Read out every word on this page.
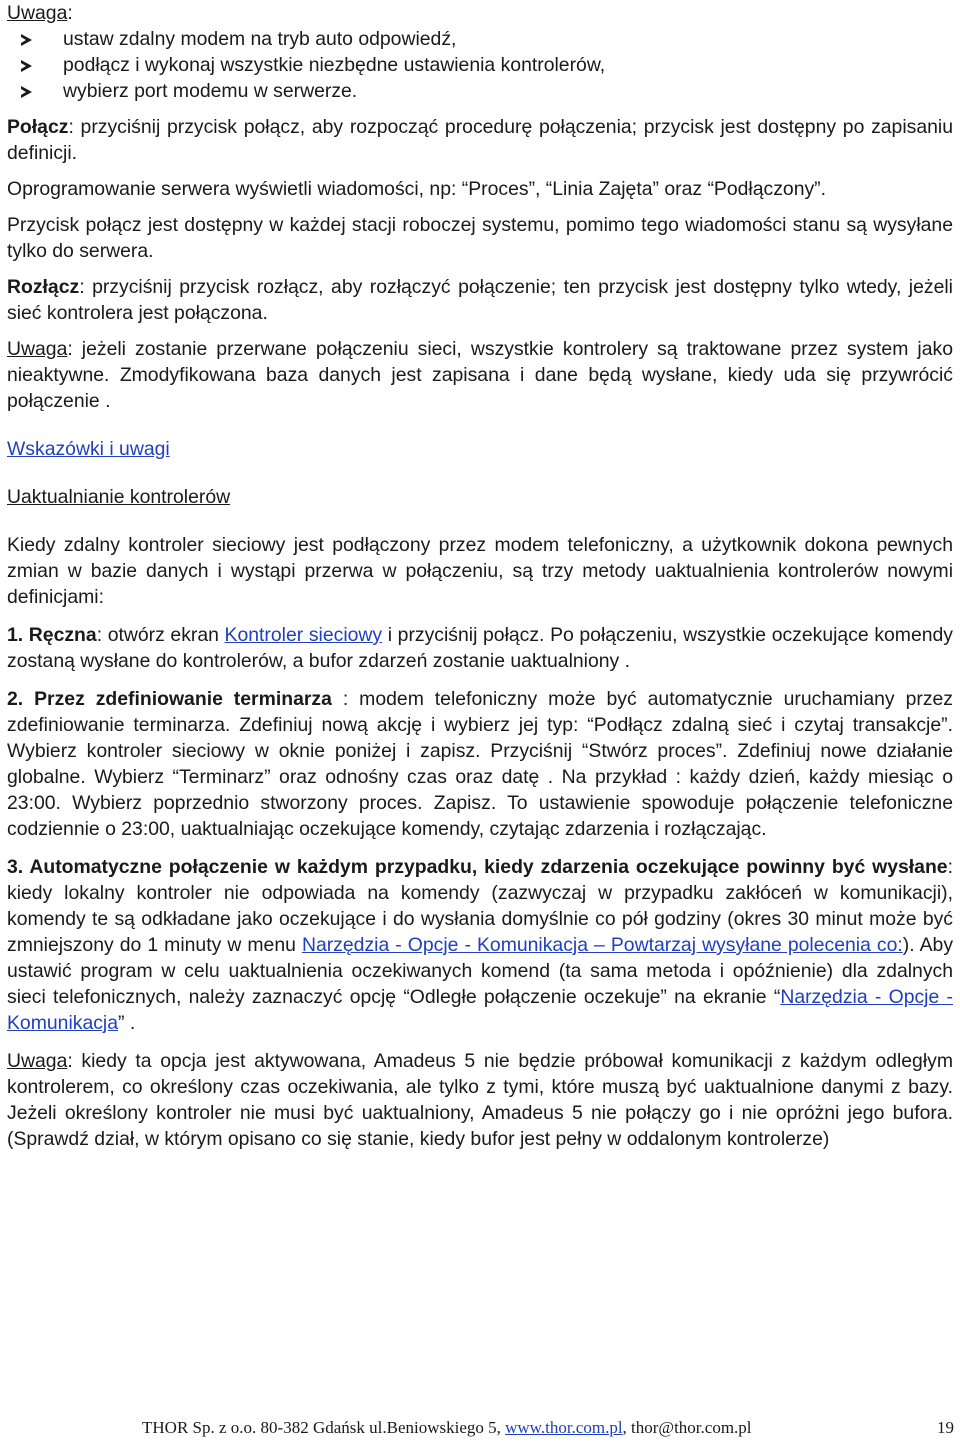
Uwaga:

ustaw zdalny modem na tryb auto odpowiedź,
podłącz i wykonaj wszystkie niezbędne ustawienia kontrolerów,
wybierz port modemu w serwerze.

Połącz: przyciśnij przycisk połącz, aby rozpocząć procedurę połączenia; przycisk jest dostępny po zapisaniu definicji.

Oprogramowanie serwera wyświetli wiadomości, np: “Proces”, “Linia Zajęta” oraz “Podłączony”.

Przycisk połącz jest dostępny w każdej stacji roboczej systemu, pomimo tego wiadomości stanu są wysyłane tylko do serwera.

Rozłącz: przyciśnij przycisk rozłącz, aby rozłączyć połączenie; ten przycisk jest dostępny tylko wtedy, jeżeli sieć kontrolera jest połączona.

Uwaga: jeżeli zostanie przerwane połączeniu sieci, wszystkie kontrolery są traktowane przez system jako nieaktywne. Zmodyfikowana baza danych jest zapisana i dane będą wysłane, kiedy uda się przywrócić połączenie .

Wskazówki i uwagi

Uaktualnianie kontrolerów

Kiedy zdalny kontroler sieciowy jest podłączony przez modem telefoniczny, a użytkownik dokona pewnych zmian w bazie danych i wystąpi przerwa w połączeniu, są trzy metody uaktualnienia kontrolerów nowymi definicjami:

1. Ręczna: otwórz ekran Kontroler sieciowy i przyciśnij połącz. Po połączeniu, wszystkie oczekujące komendy zostaną wysłane do kontrolerów, a bufor zdarzeń zostanie uaktualniony .

2. Przez zdefiniowanie terminarza : modem telefoniczny może być automatycznie uruchamiany przez zdefiniowanie terminarza. Zdefiniuj nową akcję i wybierz jej typ: “Podłącz zdalną sieć i czytaj transakcje”. Wybierz kontroler sieciowy w oknie poniżej i zapisz. Przyciśnij “Stwórz proces”. Zdefiniuj nowe działanie globalne. Wybierz “Terminarz” oraz odnośny czas oraz datę . Na przykład : każdy dzień, każdy miesiąc o 23:00. Wybierz poprzednio stworzony proces. Zapisz. To ustawienie spowoduje połączenie telefoniczne codziennie o 23:00, uaktualniając oczekujące komendy, czytając zdarzenia i rozłączając.

3. Automatyczne połączenie w każdym przypadku, kiedy zdarzenia oczekujące powinny być wysłane: kiedy lokalny kontroler nie odpowiada na komendy (zazwyczaj w przypadku zakłóceń w komunikacji), komendy te są odkładane jako oczekujące i do wysłania domyślnie co pół godziny (okres 30 minut może być zmniejszony do 1 minuty w menu Narzędzia - Opcje - Komunikacja – Powtarzaj wysyłane polecenia co:). Aby ustawić program w celu uaktualnienia oczekiwanych komend (ta sama metoda i opóźnienie) dla zdalnych sieci telefonicznych, należy zaznaczyć opcję “Odległe połączenie oczekuje” na ekranie “Narzędzia - Opcje - Komunikacja” .

Uwaga: kiedy ta opcja jest aktywowana, Amadeus 5 nie będzie próbował komunikacji z każdym odległym kontrolerem, co określony czas oczekiwania, ale tylko z tymi, które muszą być uaktualnione danymi z bazy. Jeżeli określony kontroler nie musi być uaktualniony, Amadeus 5 nie połączy go i nie opróżni jego bufora. (Sprawdź dział, w którym opisano co się stanie, kiedy bufor jest pełny w oddalonym kontrolerze)

THOR Sp. z o.o. 80-382 Gdańsk ul.Beniowskiego 5, www.thor.com.pl, thor@thor.com.pl	19
